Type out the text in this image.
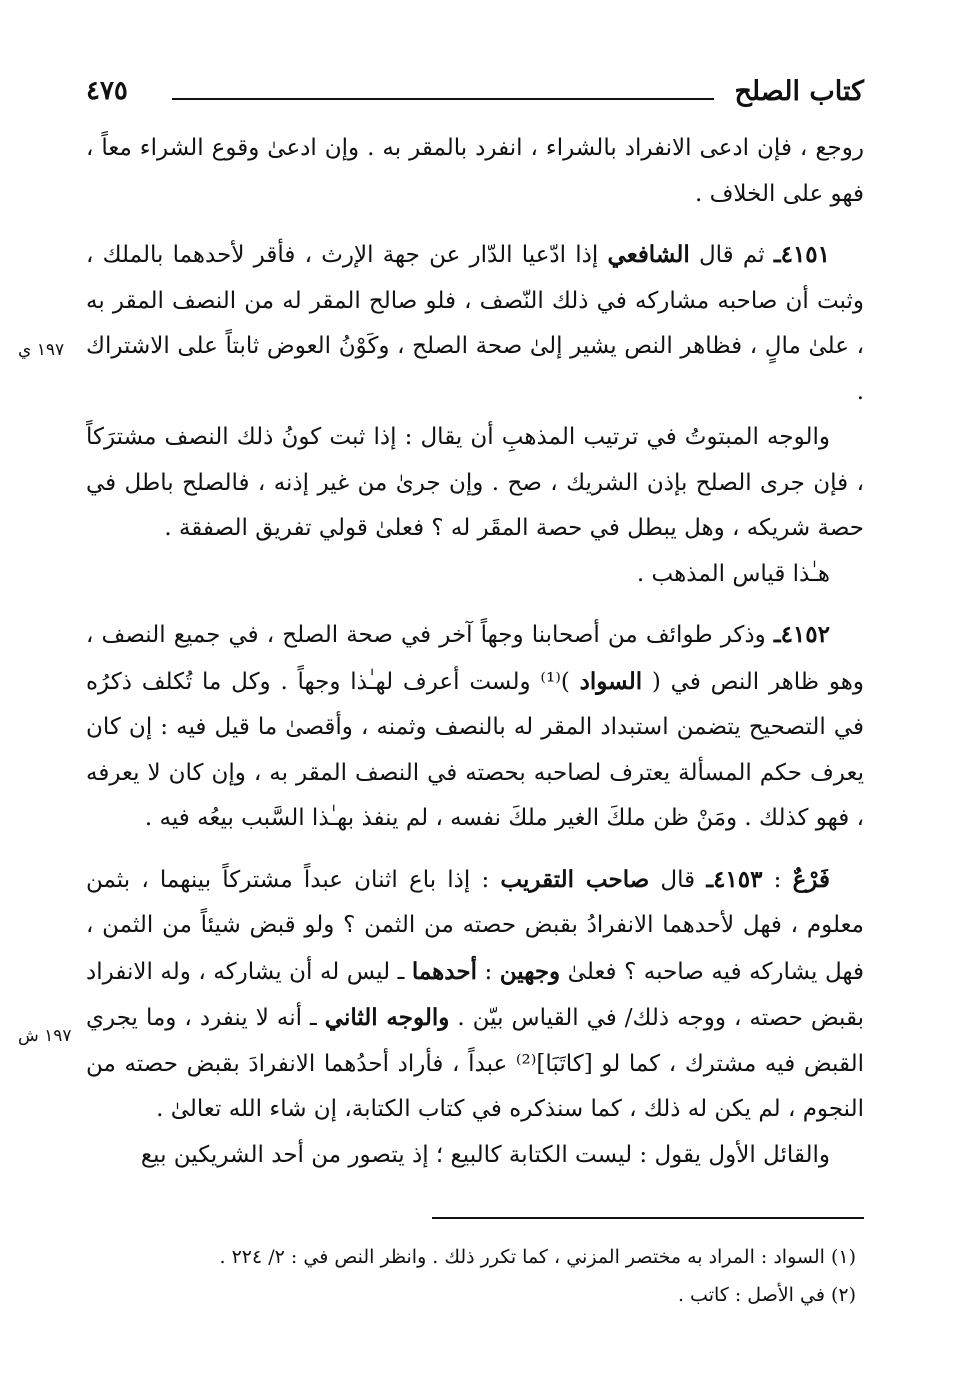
كتاب الصلح
٤٧٥
١٩٧ ي
١٩٧ ش

روجع ، فإن ادعى الانفراد بالشراء ، انفرد بالمقر به . وإن ادعىٰ وقوع الشراء معاً ، فهو على الخلاف .

٤١٥١ـ ثم قال الشافعي إذا ادّعيا الدّار عن جهة الإرث ، فأقر لأحدهما بالملك ، وثبت أن صاحبه مشاركه في ذلك النّصف ، فلو صالح المقر له من النصف المقر به ، علىٰ مالٍ ، فظاهر النص يشير إلىٰ صحة الصلح ، وكَوْنُ العوض ثابتاً على الاشتراك .

والوجه المبتوتُ في ترتيب المذهبِ أن يقال : إذا ثبت كونُ ذلك النصف مشترَكاً ، فإن جرى الصلح بإذن الشريك ، صح . وإن جرىٰ من غير إذنه ، فالصلح باطل في حصة شريكه ، وهل يبطل في حصة المقَر له ؟ فعلىٰ قولي تفريق الصفقة .

هـٰذا قياس المذهب .

٤١٥٢ـ وذكر طوائف من أصحابنا وجهاً آخر في صحة الصلح ، في جميع النصف ، وهو ظاهر النص في ( السواد )⁽¹⁾ ولست أعرف لهـٰذا وجهاً . وكل ما تُكلف ذكرُه في التصحيح يتضمن استبداد المقر له بالنصف وثمنه ، وأقصىٰ ما قيل فيه : إن كان يعرف حكم المسألة يعترف لصاحبه بحصته في النصف المقر به ، وإن كان لا يعرفه ، فهو كذلك . ومَنْ ظن ملكَ الغير ملكَ نفسه ، لم ينفذ بهـٰذا السَّبب بيعُه فيه .

فَرْعٌ : ٤١٥٣ـ قال صاحب التقريب : إذا باع اثنان عبداً مشتركاً بينهما ، بثمن معلوم ، فهل لأحدهما الانفرادُ بقبض حصته من الثمن ؟ ولو قبض شيئاً من الثمن ، فهل يشاركه فيه صاحبه ؟ فعلىٰ وجهين : أحدهما ـ ليس له أن يشاركه ، وله الانفراد بقبض حصته ، ووجه ذلك/ في القياس بيّن . والوجه الثاني ـ أنه لا ينفرد ، وما يجري القبض فيه مشترك ، كما لو [كاتَبَا]⁽²⁾ عبداً ، فأراد أحدُهما الانفرادَ بقبض حصته من النجوم ، لم يكن له ذلك ، كما سنذكره في كتاب الكتابة، إن شاء الله تعالىٰ .

والقائل الأول يقول : ليست الكتابة كالبيع ؛ إذ يتصور من أحد الشريكين بيع

(١) السواد : المراد به مختصر المزني ، كما تكرر ذلك . وانظر النص في : ٢/ ٢٢٤ .

(٢) في الأصل : كاتب .
